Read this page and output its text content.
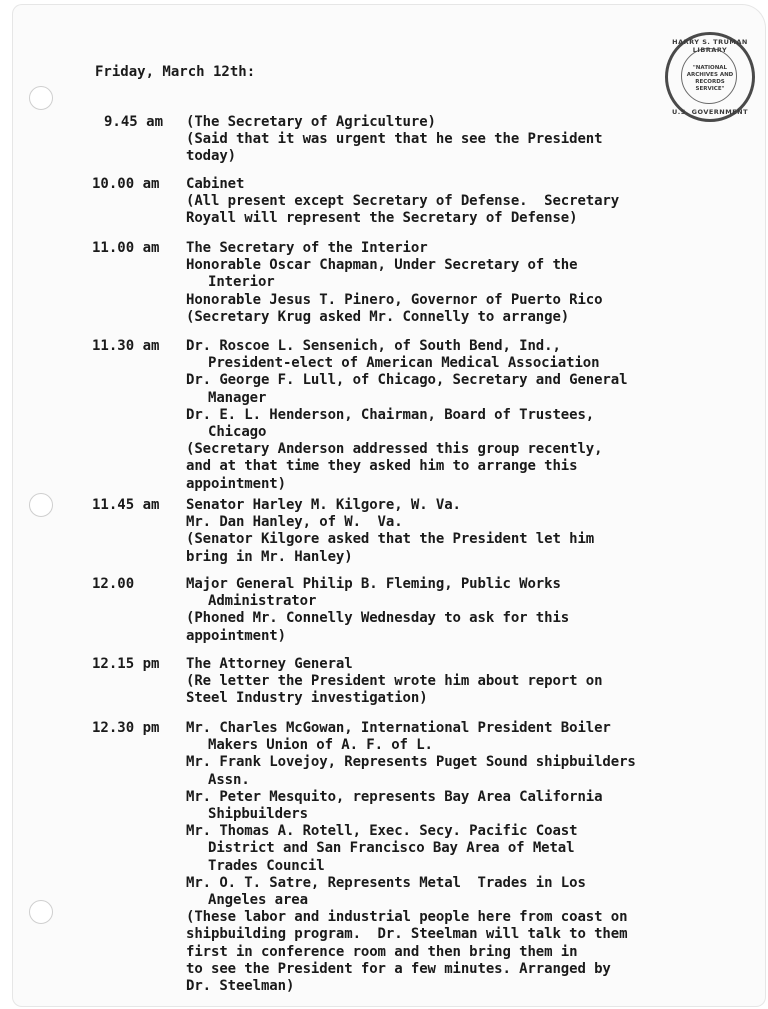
HARRY S. TRUMAN LIBRARY
"NATIONAL ARCHIVES AND RECORDS SERVICE"
U.S. GOVERNMENT
Friday, March 12th:
9.45 am (The Secretary of Agriculture)
(Said that it was urgent that he see the President
today)
10.00 am Cabinet
(All present except Secretary of Defense.  Secretary
Royall will represent the Secretary of Defense)
11.00 am The Secretary of the Interior
Honorable Oscar Chapman, Under Secretary of the
Interior
Honorable Jesus T. Pinero, Governor of Puerto Rico
(Secretary Krug asked Mr. Connelly to arrange)
11.30 am Dr. Roscoe L. Sensenich, of South Bend, Ind.,
President-elect of American Medical Association
Dr. George F. Lull, of Chicago, Secretary and General
Manager
Dr. E. L. Henderson, Chairman, Board of Trustees,
Chicago
(Secretary Anderson addressed this group recently,
and at that time they asked him to arrange this
appointment)
11.45 am Senator Harley M. Kilgore, W. Va.
Mr. Dan Hanley, of W.  Va.
(Senator Kilgore asked that the President let him
bring in Mr. Hanley)
12.00	Major General Philip B. Fleming, Public Works
Administrator
(Phoned Mr. Connelly Wednesday to ask for this
appointment)
12.15 pm The Attorney General
(Re letter the President wrote him about report on
Steel Industry investigation)
12.30 pm Mr. Charles McGowan, International President Boiler
Makers Union of A. F. of L.
Mr. Frank Lovejoy, Represents Puget Sound shipbuilders
Assn.
Mr. Peter Mesquito, represents Bay Area California
Shipbuilders
Mr. Thomas A. Rotell, Exec. Secy. Pacific Coast
District and San Francisco Bay Area of Metal
Trades Council
Mr. O. T. Satre, Represents Metal  Trades in Los
Angeles area
(These labor and industrial people here from coast on
shipbuilding program.  Dr. Steelman will talk to them
first in conference room and then bring them in
to see the President for a few minutes. Arranged by
Dr. Steelman)
